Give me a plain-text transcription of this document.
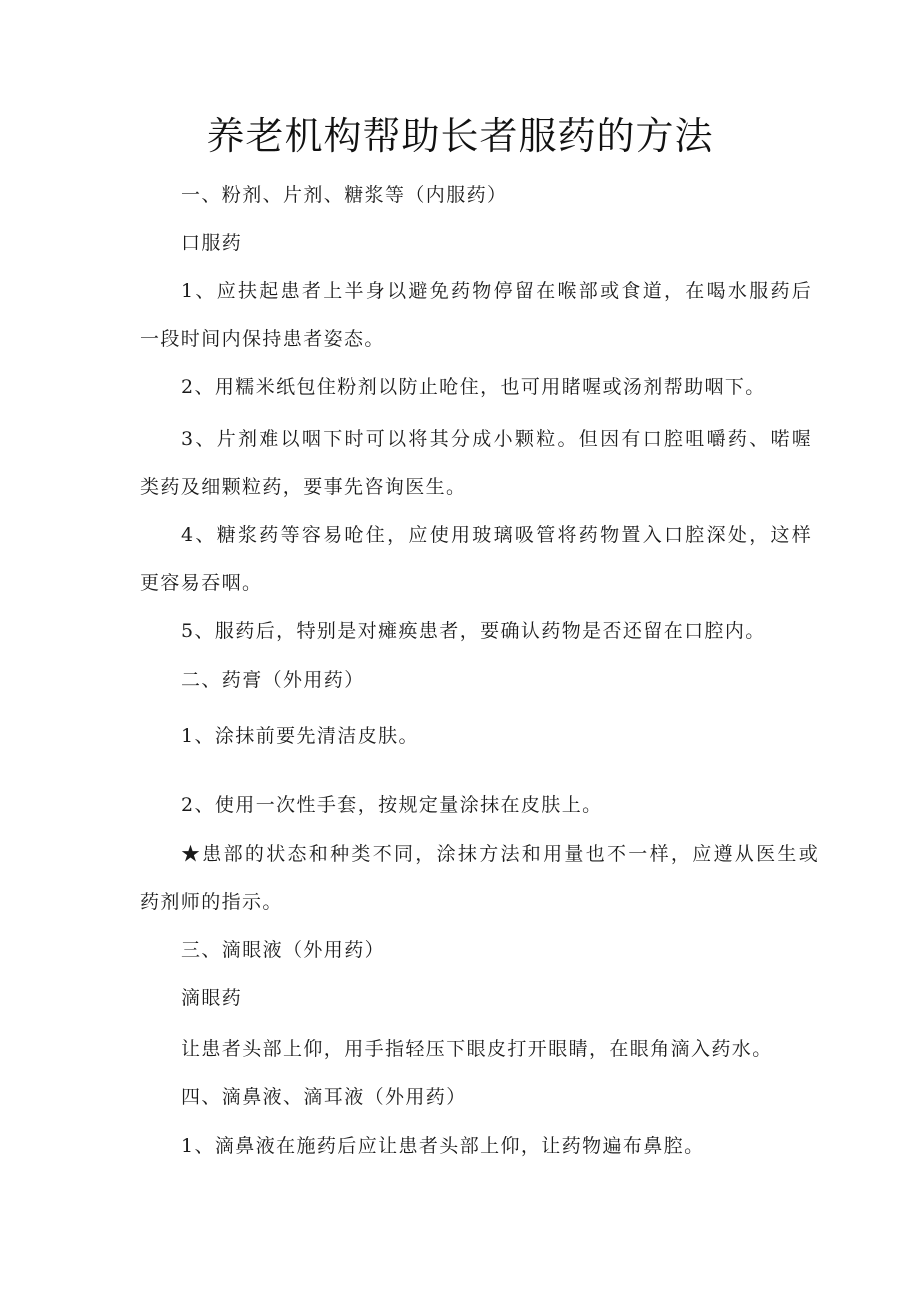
养老机构帮助长者服药的方法
一、粉剂、片剂、糖浆等（内服药）
口服药
1、应扶起患者上半身以避免药物停留在喉部或食道，在喝水服药后
一段时间内保持患者姿态。
2、用糯米纸包住粉剂以防止呛住，也可用睹喔或汤剂帮助咽下。
3、片剂难以咽下时可以将其分成小颗粒。但因有口腔咀嚼药、喏喔
类药及细颗粒药，要事先咨询医生。
4、糖浆药等容易呛住，应使用玻璃吸管将药物置入口腔深处，这样
更容易吞咽。
5、服药后，特别是对瘫痪患者，要确认药物是否还留在口腔内。
二、药膏（外用药）
1、涂抹前要先清洁皮肤。
2、使用一次性手套，按规定量涂抹在皮肤上。
★患部的状态和种类不同，涂抹方法和用量也不一样，应遵从医生或
药剂师的指示。
三、滴眼液（外用药）
滴眼药
让患者头部上仰，用手指轻压下眼皮打开眼睛，在眼角滴入药水。
四、滴鼻液、滴耳液（外用药）
1、滴鼻液在施药后应让患者头部上仰，让药物遍布鼻腔。
